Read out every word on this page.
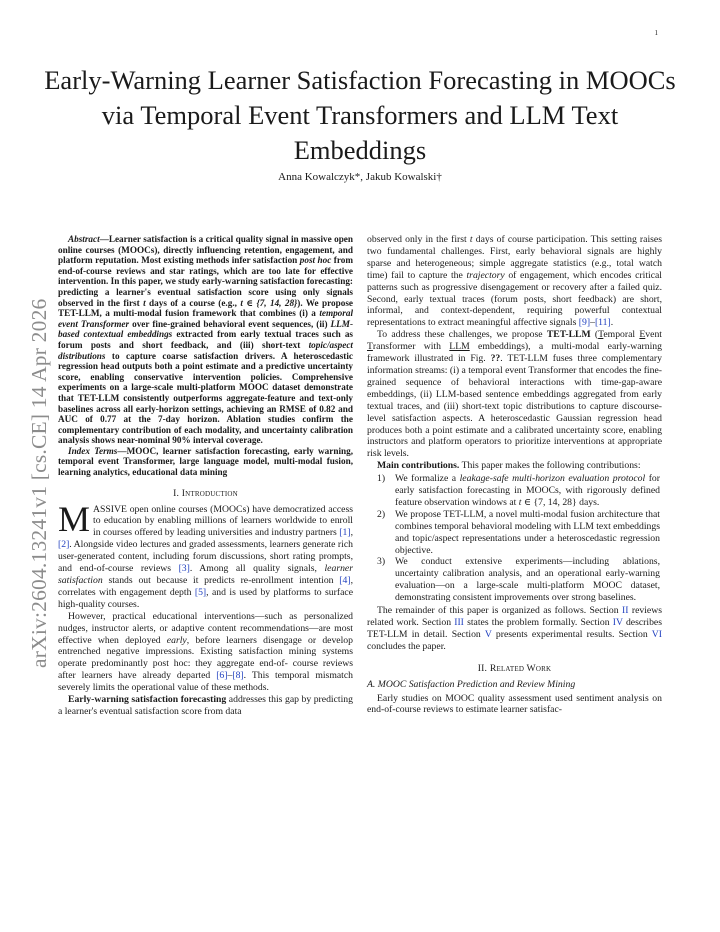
1
arXiv:2604.13241v1 [cs.CE] 14 Apr 2026
Early-Warning Learner Satisfaction Forecasting in MOOCs via Temporal Event Transformers and LLM Text Embeddings
Anna Kowalczyk*, Jakub Kowalski†

Abstract—Learner satisfaction is a critical quality signal in massive open online courses (MOOCs), directly influencing retention, engagement, and platform reputation. Most existing methods infer satisfaction post hoc from end-of-course reviews and star ratings, which are too late for effective intervention. In this paper, we study early-warning satisfaction forecasting: predicting a learner's eventual satisfaction score using only signals observed in the first t days of a course (e.g., t ∈ {7, 14, 28}). We propose TET-LLM, a multi-modal fusion framework that combines (i) a temporal event Transformer over fine-grained behavioral event sequences, (ii) LLM-based contextual embeddings extracted from early textual traces such as forum posts and short feedback, and (iii) short-text topic/aspect distributions to capture coarse satisfaction drivers. A heteroscedastic regression head outputs both a point estimate and a predictive uncertainty score, enabling conservative intervention policies. Comprehensive experiments on a large-scale multi-platform MOOC dataset demonstrate that TET-LLM consistently outperforms aggregate-feature and text-only baselines across all early-horizon settings, achieving an RMSE of 0.82 and AUC of 0.77 at the 7-day horizon. Ablation studies confirm the complementary contribution of each modality, and uncertainty calibration analysis shows near-nominal 90% interval coverage.

Index Terms—MOOC, learner satisfaction forecasting, early warning, temporal event Transformer, large language model, multi-modal fusion, learning analytics, educational data mining

I. Introduction

MASSIVE open online courses (MOOCs) have democratized access to education by enabling millions of learners worldwide to enroll in courses offered by leading universities and industry partners [1], [2]. Alongside video lectures and graded assessments, learners generate rich user-generated content, including forum discussions, short rating prompts, and end-of-course reviews [3]. Among all quality signals, learner satisfaction stands out because it predicts re-enrollment intention [4], correlates with engagement depth [5], and is used by platforms to surface high-quality courses.

However, practical educational interventions—such as personalized nudges, instructor alerts, or adaptive content recommendations—are most effective when deployed early, before learners disengage or develop entrenched negative impressions. Existing satisfaction mining systems operate predominantly post hoc: they aggregate end-of- course reviews after learners have already departed [6]–[8]. This temporal mismatch severely limits the operational value of these methods.

Early-warning satisfaction forecasting addresses this gap by predicting a learner's eventual satisfaction score from data

observed only in the first t days of course participation. This setting raises two fundamental challenges. First, early behavioral signals are highly sparse and heterogeneous; simple aggregate statistics (e.g., total watch time) fail to capture the trajectory of engagement, which encodes critical patterns such as progressive disengagement or recovery after a failed quiz. Second, early textual traces (forum posts, short feedback) are short, informal, and context-dependent, requiring powerful contextual representations to extract meaningful affective signals [9]–[11].

To address these challenges, we propose TET-LLM (Temporal Event Transformer with LLM embeddings), a multi-modal early-warning framework illustrated in Fig. ??. TET-LLM fuses three complementary information streams: (i) a temporal event Transformer that encodes the fine-grained sequence of behavioral interactions with time-gap-aware embeddings, (ii) LLM-based sentence embeddings aggregated from early textual traces, and (iii) short-text topic distributions to capture discourse-level satisfaction aspects. A heteroscedastic Gaussian regression head produces both a point estimate and a calibrated uncertainty score, enabling instructors and platform operators to prioritize interventions at appropriate risk levels.

Main contributions. This paper makes the following contributions:

1) We formalize a leakage-safe multi-horizon evaluation protocol for early satisfaction forecasting in MOOCs, with rigorously defined feature observation windows at t ∈ {7, 14, 28} days.
2) We propose TET-LLM, a novel multi-modal fusion architecture that combines temporal behavioral modeling with LLM text embeddings and topic/aspect representations under a heteroscedastic regression objective.
3) We conduct extensive experiments—including ablations, uncertainty calibration analysis, and an operational early-warning evaluation—on a large-scale multi-platform MOOC dataset, demonstrating consistent improvements over strong baselines.

The remainder of this paper is organized as follows. Section II reviews related work. Section III states the problem formally. Section IV describes TET-LLM in detail. Section V presents experimental results. Section VI concludes the paper.

II. Related Work
A. MOOC Satisfaction Prediction and Review Mining

Early studies on MOOC quality assessment used sentiment analysis on end-of-course reviews to estimate learner satisfac-
